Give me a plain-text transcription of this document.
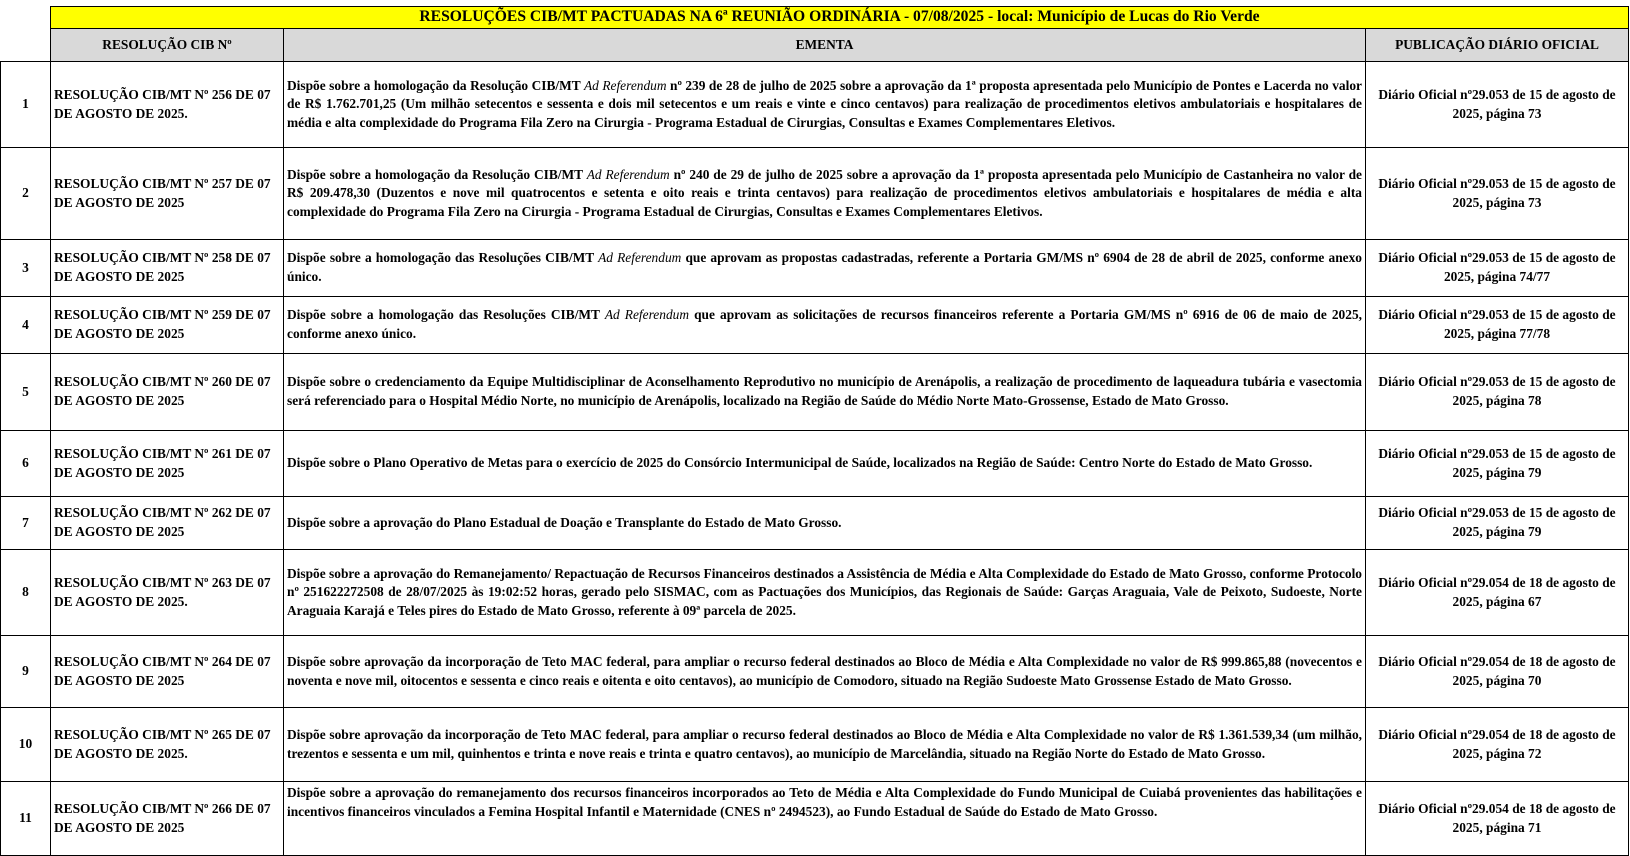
	RESOLUÇÕES CIB/MT PACTUADAS NA 6ª REUNIÃO ORDINÁRIA - 07/08/2025 - local: Município de Lucas do Rio Verde		
	RESOLUÇÃO CIB Nº	EMENTA	PUBLICAÇÃO DIÁRIO OFICIAL
1	RESOLUÇÃO CIB/MT Nº 256 DE 07 DE AGOSTO DE 2025.	Dispõe sobre a homologação da Resolução CIB/MT Ad Referendum nº 239 de 28 de julho de 2025 sobre a aprovação da 1ª proposta apresentada pelo Município de Pontes e Lacerda no valor de R$ 1.762.701,25 (Um milhão setecentos e sessenta e dois mil setecentos e um reais e vinte e cinco centavos) para realização de procedimentos eletivos ambulatoriais e hospitalares de média e alta complexidade do Programa Fila Zero na Cirurgia - Programa Estadual de Cirurgias, Consultas e Exames Complementares Eletivos.	Diário Oficial nº29.053 de 15 de agosto de 2025, página 73
2	RESOLUÇÃO CIB/MT Nº 257 DE 07 DE AGOSTO DE 2025	Dispõe sobre a homologação da Resolução CIB/MT Ad Referendum nº 240 de 29 de julho de 2025 sobre a aprovação da 1ª proposta apresentada pelo Município de Castanheira no valor de R$ 209.478,30 (Duzentos e nove mil quatrocentos e setenta e oito reais e trinta centavos) para realização de procedimentos eletivos ambulatoriais e hospitalares de média e alta complexidade do Programa Fila Zero na Cirurgia - Programa Estadual de Cirurgias, Consultas e Exames Complementares Eletivos.	Diário Oficial nº29.053 de 15 de agosto de 2025, página 73
3	RESOLUÇÃO CIB/MT Nº 258 DE 07 DE AGOSTO DE 2025	Dispõe sobre a homologação das Resoluções CIB/MT Ad Referendum que aprovam as propostas cadastradas, referente a Portaria GM/MS nº 6904 de 28 de abril de 2025, conforme anexo único.	Diário Oficial nº29.053 de 15 de agosto de 2025, página 74/77
4	RESOLUÇÃO CIB/MT Nº 259 DE 07 DE AGOSTO DE 2025	Dispõe sobre a homologação das Resoluções CIB/MT Ad Referendum que aprovam as solicitações de recursos financeiros referente a Portaria GM/MS nº 6916 de 06 de maio de 2025, conforme anexo único.	Diário Oficial nº29.053 de 15 de agosto de 2025, página 77/78
5	RESOLUÇÃO CIB/MT Nº 260 DE 07 DE AGOSTO DE 2025	Dispõe sobre o credenciamento da Equipe Multidisciplinar de Aconselhamento Reprodutivo no município de Arenápolis, a realização de procedimento de laqueadura tubária e vasectomia será referenciado para o Hospital Médio Norte, no município de Arenápolis, localizado na Região de Saúde do Médio Norte Mato-Grossense, Estado de Mato Grosso.	Diário Oficial nº29.053 de 15 de agosto de 2025, página 78
6	RESOLUÇÃO CIB/MT Nº 261 DE 07 DE AGOSTO DE 2025	Dispõe sobre o Plano Operativo de Metas para o exercício de 2025 do Consórcio Intermunicipal de Saúde, localizados na Região de Saúde: Centro Norte do Estado de Mato Grosso.	Diário Oficial nº29.053 de 15 de agosto de 2025, página 79
7	RESOLUÇÃO CIB/MT Nº 262 DE 07 DE AGOSTO DE 2025	Dispõe sobre a aprovação do Plano Estadual de Doação e Transplante do Estado de Mato Grosso.	Diário Oficial nº29.053 de 15 de agosto de 2025, página 79
8	RESOLUÇÃO CIB/MT Nº 263 DE 07 DE AGOSTO DE 2025.	Dispõe sobre a aprovação do Remanejamento/ Repactuação de Recursos Financeiros destinados a Assistência de Média e Alta Complexidade do Estado de Mato Grosso, conforme Protocolo nº 251622272508 de 28/07/2025 às 19:02:52 horas, gerado pelo SISMAC, com as Pactuações dos Municípios, das Regionais de Saúde: Garças Araguaia, Vale de Peixoto, Sudoeste, Norte Araguaia Karajá e Teles pires do Estado de Mato Grosso, referente à 09ª parcela de 2025.	Diário Oficial nº29.054 de 18 de agosto de 2025, página 67
9	RESOLUÇÃO CIB/MT Nº 264 DE 07 DE AGOSTO DE 2025	Dispõe sobre aprovação da incorporação de Teto MAC federal, para ampliar o recurso federal destinados ao Bloco de Média e Alta Complexidade no valor de R$ 999.865,88 (novecentos e noventa e nove mil, oitocentos e sessenta e cinco reais e oitenta e oito centavos), ao município de Comodoro, situado na Região Sudoeste Mato Grossense Estado de Mato Grosso.	Diário Oficial nº29.054 de 18 de agosto de 2025, página 70
10	RESOLUÇÃO CIB/MT Nº 265 DE 07 DE AGOSTO DE 2025.	Dispõe sobre aprovação da incorporação de Teto MAC federal, para ampliar o recurso federal destinados ao Bloco de Média e Alta Complexidade no valor de R$ 1.361.539,34 (um milhão, trezentos e sessenta e um mil, quinhentos e trinta e nove reais e trinta e quatro centavos), ao município de Marcelândia, situado na Região Norte do Estado de Mato Grosso.	Diário Oficial nº29.054 de 18 de agosto de 2025, página 72
11	RESOLUÇÃO CIB/MT Nº 266 DE 07 DE AGOSTO DE 2025	Dispõe sobre a aprovação do remanejamento dos recursos financeiros incorporados ao Teto de Média e Alta Complexidade do Fundo Municipal de Cuiabá provenientes das habilitações e incentivos financeiros vinculados a Femina Hospital Infantil e Maternidade (CNES nº 2494523), ao Fundo Estadual de Saúde do Estado de Mato Grosso.	Diário Oficial nº29.054 de 18 de agosto de 2025, página 71
